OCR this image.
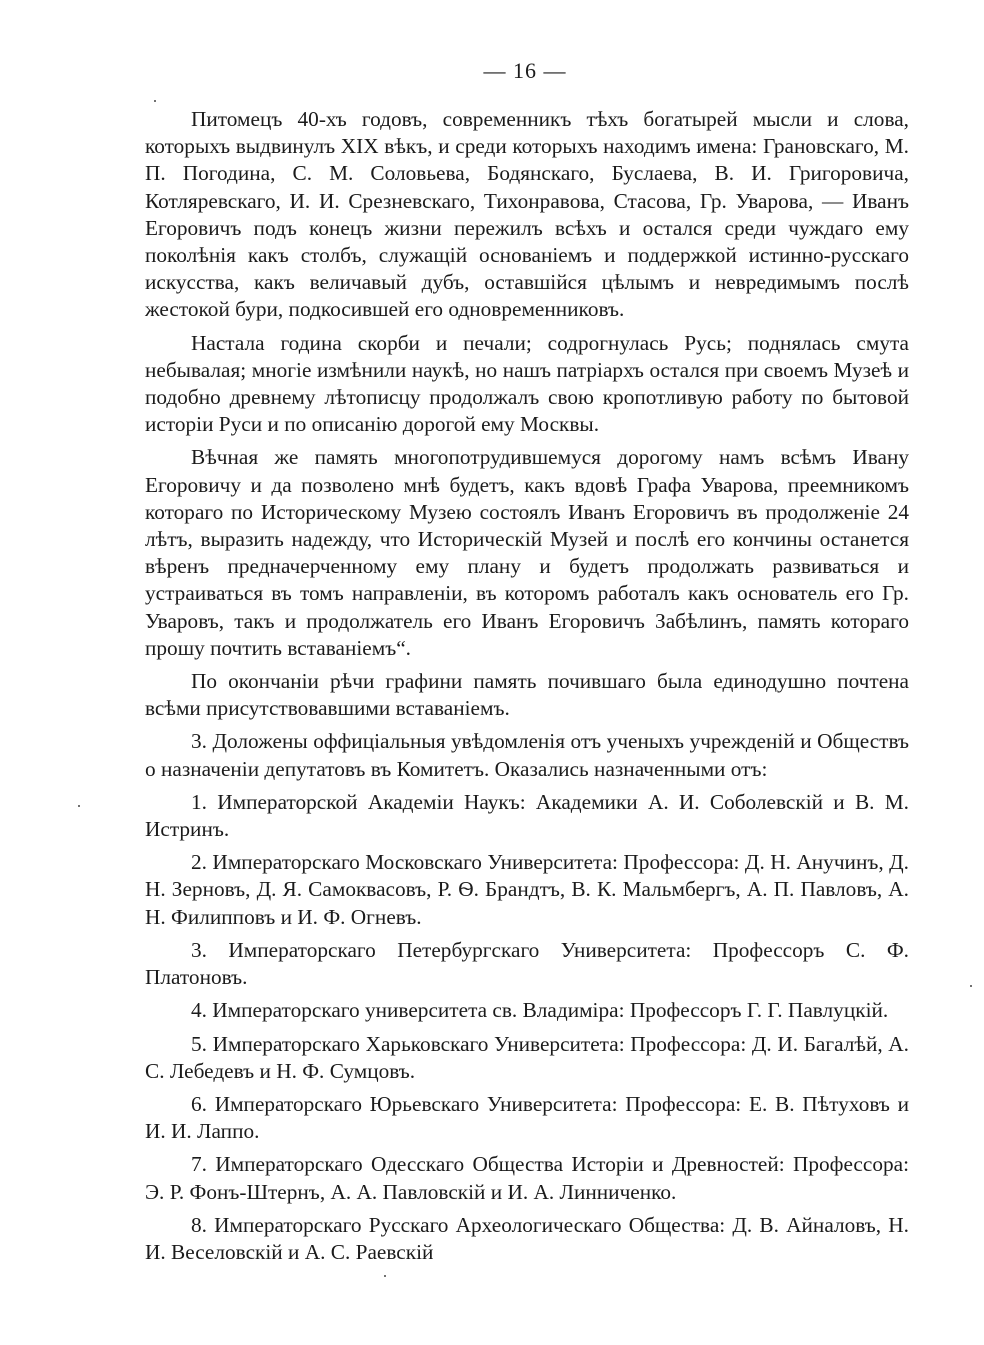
— 16 —

Питомецъ 40-хъ годовъ, современникъ тѣхъ богатырей мысли и слова, которыхъ выдвинулъ XIX вѣкъ, и среди которыхъ находимъ имена: Грановскаго, М. П. Погодина, С. М. Соловьева, Бодянскаго, Буслаева, В. И. Григоровича, Котляревскаго, И. И. Срезневскаго, Тихонравова, Стасова, Гр. Уварова, — Иванъ Егоровичъ подъ конецъ жизни пережилъ всѣхъ и остался среди чуждаго ему поколѣнія какъ столбъ, служащій основаніемъ и поддержкой истинно-русскаго искусства, какъ величавый дубъ, оставшійся цѣлымъ и невредимымъ послѣ жестокой бури, подкосившей его одновременниковъ.

Настала година скорби и печали; содрогнулась Русь; поднялась смута небывалая; многіе измѣнили наукѣ, но нашъ патріархъ остался при своемъ Музеѣ и подобно древнему лѣтописцу продолжалъ свою кропотливую работу по бытовой исторіи Руси и по описанію дорогой ему Москвы.

Вѣчная же память многопотрудившемуся дорогому намъ всѣмъ Ивану Егоровичу и да позволено мнѣ будетъ, какъ вдовѣ Графа Уварова, преемникомъ котораго по Историческому Музею состоялъ Иванъ Егоровичъ въ продолженіе 24 лѣтъ, выразить надежду, что Историческій Музей и послѣ его кончины останется вѣренъ предначерченному ему плану и будетъ продолжать развиваться и устраиваться въ томъ направленіи, въ которомъ работалъ какъ основатель его Гр. Уваровъ, такъ и продолжатель его Иванъ Егоровичъ Забѣлинъ, память котораго прошу почтить вставаніемъ“.

По окончаніи рѣчи графини память почившаго была единодушно почтена всѣми присутствовавшими вставаніемъ.

3. Доложены оффиціальныя увѣдомленія отъ ученыхъ учрежденій и Обществъ о назначеніи депутатовъ въ Комитетъ. Оказались назначенными отъ:

1. Императорской Академіи Наукъ: Академики А. И. Соболевскій и В. М. Истринъ.

2. Императорскаго Московскаго Университета: Профессора: Д. Н. Анучинъ, Д. Н. Зерновъ, Д. Я. Самоквасовъ, Р. Ѳ. Брандтъ, В. К. Мальмбергъ, А. П. Павловъ, А. Н. Филипповъ и И. Ф. Огневъ.

3. Императорскаго Петербургскаго Университета: Профессоръ С. Ф. Платоновъ.

4. Императорскаго университета св. Владиміра: Профессоръ Г. Г. Павлуцкій.

5. Императорскаго Харьковскаго Университета: Профессора: Д. И. Багалѣй, А. С. Лебедевъ и Н. Ф. Сумцовъ.

6. Императорскаго Юрьевскаго Университета: Профессора: Е. В. Пѣтуховъ и И. И. Лаппо.

7. Императорскаго Одесскаго Общества Исторіи и Древностей: Профессора: Э. Р. Фонъ-Штернъ, А. А. Павловскій и И. А. Линниченко.

8. Императорскаго Русскаго Археологическаго Общества: Д. В. Айналовъ, Н. И. Веселовскій и А. С. Раевскій
